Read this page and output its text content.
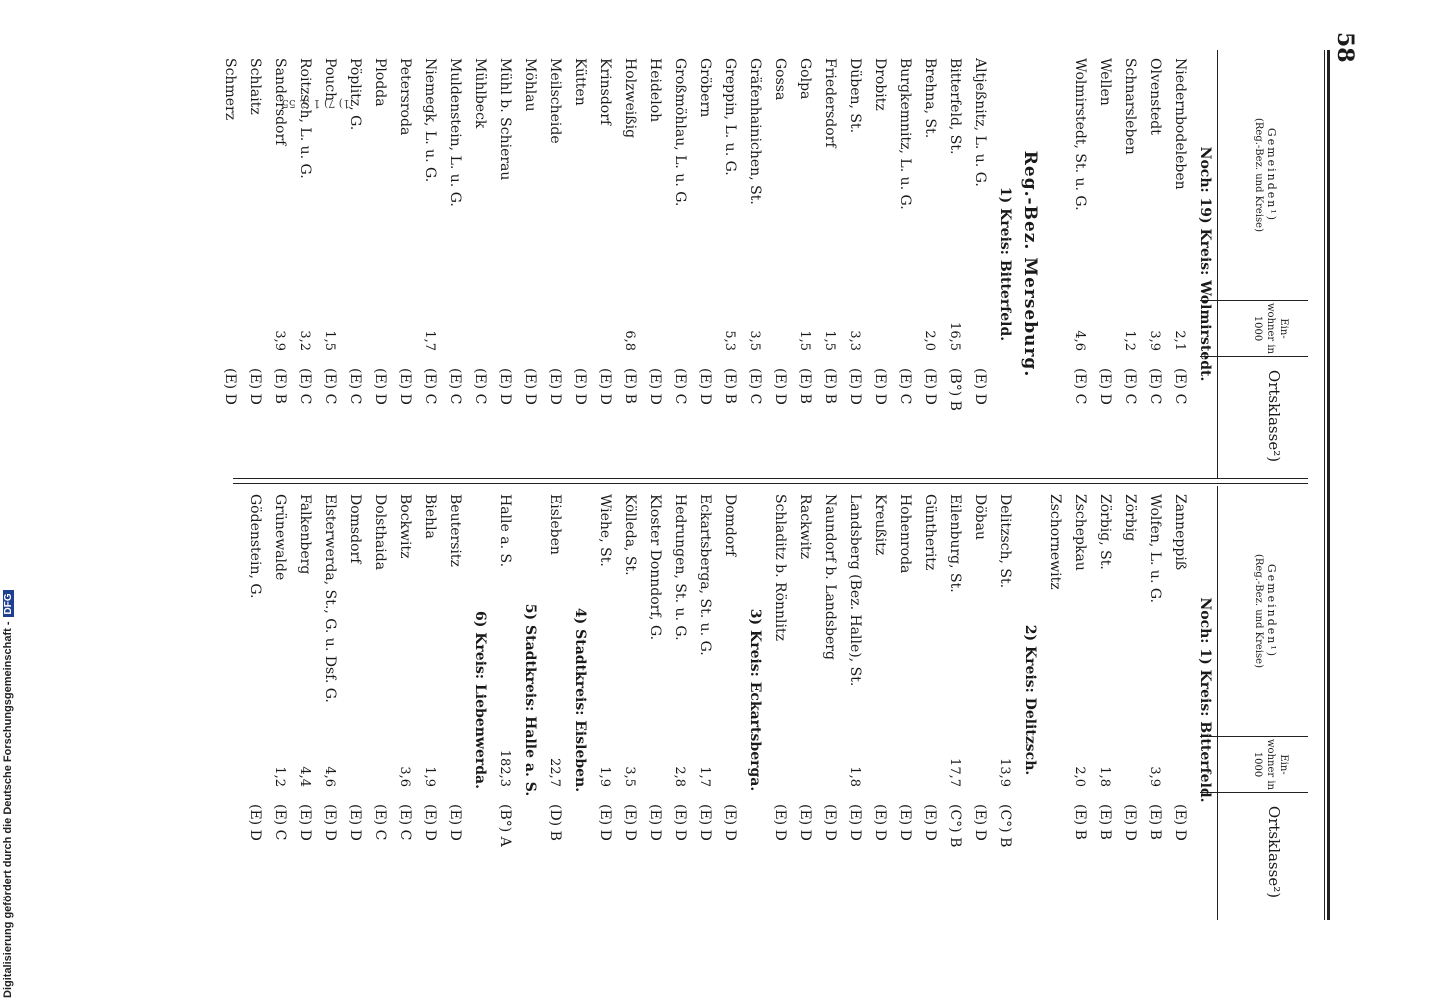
58
Gemeinden¹)
(Reg.-Bez. und Kreise)
Ein- wohner in 1000
Ortsklasse²)
Noch: 19) Kreis: Wolmirstedt.
Niedernbodeleben
2,1
(E) C
Olvenstedt
3,9
(E) C
Schnarsleben
1,2
(E) C
Wellen
(E) D
Wolmirstedt, St. u. G.
4,6
(E) C
Reg.-Bez. Merseburg.
1) Kreis: Bitterfeld.
Altjeßnitz, L. u. G.
(E) D
Bitterfeld, St.
16,5
(B°) B
Brehna, St.
2,0
(E) D
Burgkemnitz, L. u. G.
(E) C
Drobitz
(E) D
Düben, St.
3,3
(E) D
Friedersdorf
1,5
(E) B
Golpa
1,5
(E) B
Gossa
(E) D
Gräfenhainichen, St.
3,5
(E) C
Greppin, L. u. G.
5,3
(E) B
Gröbern
(E) D
Großmöhlau, L. u. G.
(E) C
Heideloh
(E) D
Holzweißig
6,8
(E) B
Krinsdorf
(E) D
Kütten
(E) D
Meilscheide
(E) D
Möhlau
(E) D
Mühl b. Schierau
(E) D
Mühlbeck
(E) C
Muldenstein, L. u. G.
(E) C
Niemegk, L. u. G.
1,7
(E) C
Petersroda
(E) D
Plodda
(E) D
Pöplitz, G.
(E) C
Pouch
1,5
(E) C
Roitzsch, L. u. G.
3,2
(E) C
Sandersdorf
3,9
(E) B
Schlaitz
(E) D
Schmerz
(E) D
Gemeinden¹)
(Reg.-Bez. und Kreise)
Ein- wohner in 1000
Ortsklasse²)
Noch: 1) Kreis: Bitterfeld.
Zanneppiß
(E) D
Wolfen, L. u. G.
3,9
(E) B
Zörbig
(E) D
Zörbig, St.
1,8
(E) B
Zschepkau
2,0
(E) B
Zschornewitz
2) Kreis: Delitzsch.
Delitzsch, St.
13,9
(C°) B
Döbau
(E) D
Eilenburg, St.
17,7
(C°) B
Güntheritz
(E) D
Hohenroda
(E) D
Kreußitz
(E) D
Landsberg (Bez. Halle), St.
1,8
(E) D
Naundorf b. Landsberg
(E) D
Rackwitz
(E) D
Schladitz b. Rönnlitz
(E) D
3) Kreis: Eckartsberga.
Domdorf
(E) D
Eckartsberga, St. u. G.
1,7
(E) D
Hedrungen, St. u. G.
2,8
(E) D
Kloster Donndorf, G.
(E) D
Kölleda, St.
3,5
(E) D
Wiehe, St.
1,9
(E) D
4) Stadtkreis: Eisleben.
Eisleben
22,7
(D) B
5) Stadtkreis: Halle a. S.
Halle a. S.
182,3
(B°) A
6) Kreis: Liebenwerda.
Beutersitz
(E) D
Biehla
1,9
(E) D
Bockwitz
3,6
(E) C
Dolsthaida
(E) C
Domsdorf
(E) D
Elsterwerda, St., G. u. Dsf. G.
4,6
(E) D
Falkenberg
4,4
(E) D
Grünewalde
1,2
(E) C
Gödenstein, G.
(E) D
1) 7) 1 S. 55
Digitalisierung gefördert durch die Deutsche Forschungsgemeinschaft -DFG
